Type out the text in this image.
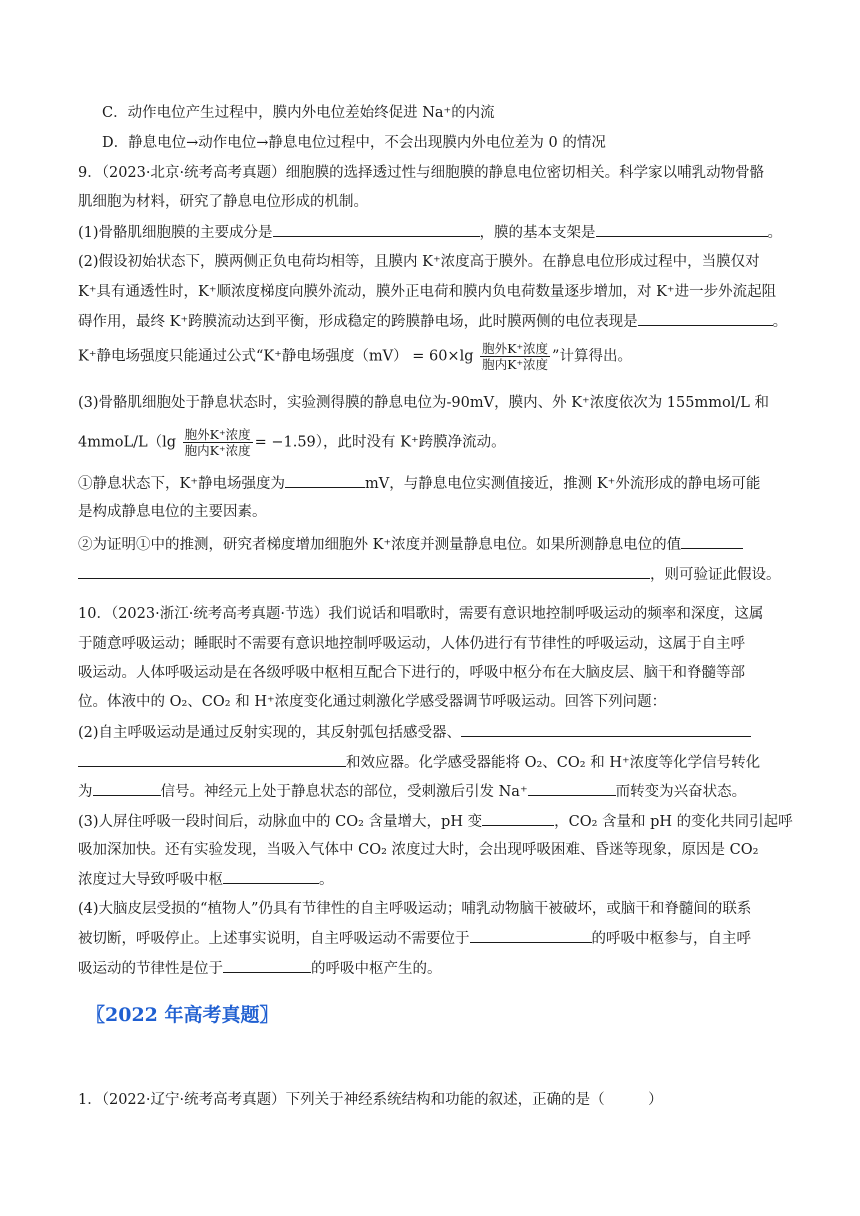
C．动作电位产生过程中，膜内外电位差始终促进 Na⁺的内流
D．静息电位→动作电位→静息电位过程中，不会出现膜内外电位差为 0 的情况
9．（2023·北京·统考高考真题）细胞膜的选择透过性与细胞膜的静息电位密切相关。科学家以哺乳动物骨骼
肌细胞为材料，研究了静息电位形成的机制。
(1)骨骼肌细胞膜的主要成分是	，膜的基本支架是	。
(2)假设初始状态下，膜两侧正负电荷均相等，且膜内 K⁺浓度高于膜外。在静息电位形成过程中，当膜仅对
K⁺具有通透性时，K⁺顺浓度梯度向膜外流动，膜外正电荷和膜内负电荷数量逐步增加，对 K⁺进一步外流起阻
碍作用，最终 K⁺跨膜流动达到平衡，形成稳定的跨膜静电场，此时膜两侧的电位表现是	。
K⁺静电场强度只能通过公式“K⁺静电场强度$(mV) = 60\times\lg \frac{\text{胞外K⁺浓度}}{\text{胞内K⁺浓度}}$ ”计算得出。
(3)骨骼肌细胞处于静息状态时，实验测得膜的静息电位为-90mV，膜内、外 K⁺浓度依次为 155mmol/L 和
4mmoL/L（lg $\frac{\text{胞外K⁺浓度}}{\text{胞内K⁺浓度}} = -1.59$），此时没有 K⁺跨膜净流动。
①静息状态下，K⁺静电场强度为	mV，与静息电位实测值接近，推测 K⁺外流形成的静电场可能
是构成静息电位的主要因素。
②为证明①中的推测，研究者梯度增加细胞外 K⁺浓度并测量静息电位。如果所测静息电位的值
，则可验证此假设。
10．（2023·浙江·统考高考真题·节选）我们说话和唱歌时，需要有意识地控制呼吸运动的频率和深度，这属
于随意呼吸运动；睡眠时不需要有意识地控制呼吸运动，人体仍进行有节律性的呼吸运动，这属于自主呼
吸运动。人体呼吸运动是在各级呼吸中枢相互配合下进行的，呼吸中枢分布在大脑皮层、脑干和脊髓等部
位。体液中的 O₂、CO₂ 和 H⁺浓度变化通过刺激化学感受器调节呼吸运动。回答下列问题：
(2)自主呼吸运动是通过反射实现的，其反射弧包括感受器、
和效应器。化学感受器能将 O₂、CO₂ 和 H⁺浓度等化学信号转化
为	信号。神经元上处于静息状态的部位，受刺激后引发 Na⁺	而转变为兴奋状态。
(3)人屏住呼吸一段时间后，动脉血中的 CO₂ 含量增大，pH 变	，CO₂ 含量和 pH 的变化共同引起呼
吸加深加快。还有实验发现，当吸入气体中 CO₂ 浓度过大时，会出现呼吸困难、昏迷等现象，原因是 CO₂
浓度过大导致呼吸中枢	。
(4)大脑皮层受损的“植物人”仍具有节律性的自主呼吸运动；哺乳动物脑干被破坏，或脑干和脊髓间的联系
被切断，呼吸停止。上述事实说明，自主呼吸运动不需要位于	的呼吸中枢参与，自主呼
吸运动的节律性是位于	的呼吸中枢产生的。
〖2022 年高考真题〗
1．（2022·辽宁·统考高考真题）下列关于神经系统结构和功能的叙述，正确的是（　　　）
